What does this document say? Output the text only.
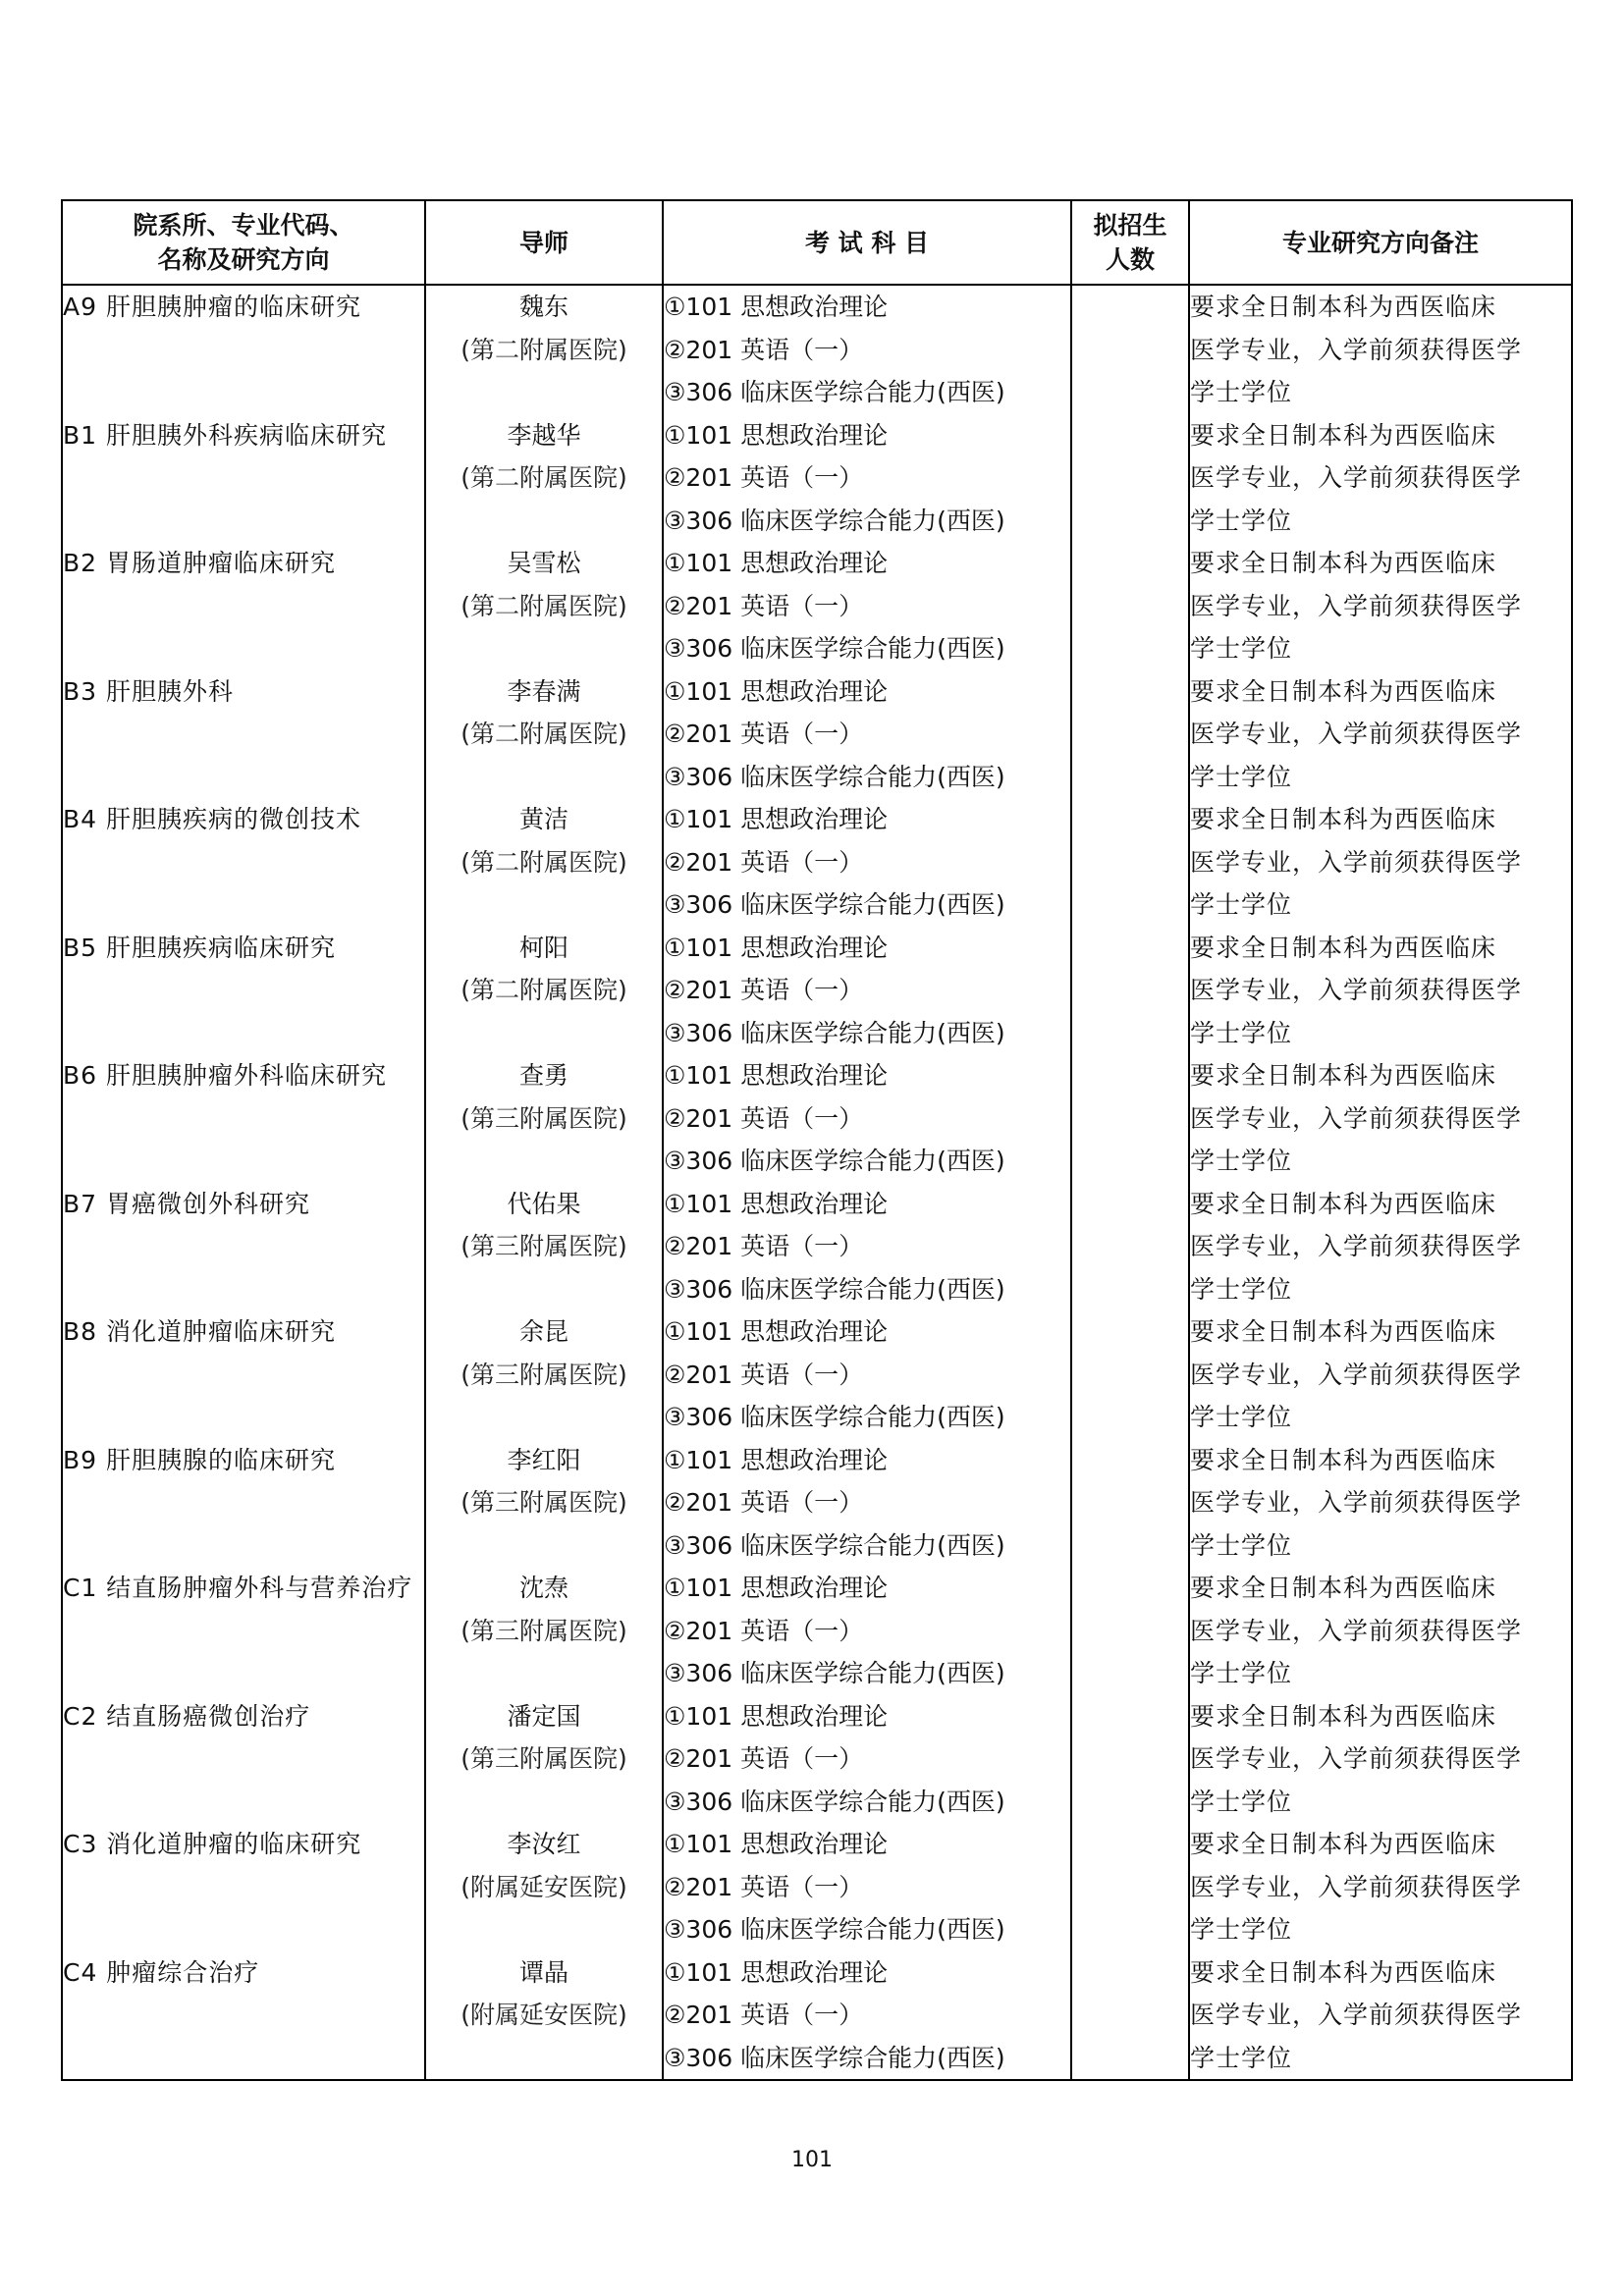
院系所、专业代码、
名称及研究方向	导师	考 试 科 目	拟招生
人数	专业研究方向备注

A9 肝胆胰肿瘤的临床研究	魏东
(第二附属医院)	①101 思想政治理论
②201 英语（一）
③306 临床医学综合能力(西医)		要求全日制本科为西医临床
医学专业，入学前须获得医学
学士学位

B1 肝胆胰外科疾病临床研究	李越华
(第二附属医院)	①101 思想政治理论
②201 英语（一）
③306 临床医学综合能力(西医)		要求全日制本科为西医临床
医学专业，入学前须获得医学
学士学位

B2 胃肠道肿瘤临床研究	吴雪松
(第二附属医院)	①101 思想政治理论
②201 英语（一）
③306 临床医学综合能力(西医)		要求全日制本科为西医临床
医学专业，入学前须获得医学
学士学位

B3 肝胆胰外科	李春满
(第二附属医院)	①101 思想政治理论
②201 英语（一）
③306 临床医学综合能力(西医)		要求全日制本科为西医临床
医学专业，入学前须获得医学
学士学位

B4 肝胆胰疾病的微创技术	黄洁
(第二附属医院)	①101 思想政治理论
②201 英语（一）
③306 临床医学综合能力(西医)		要求全日制本科为西医临床
医学专业，入学前须获得医学
学士学位

B5 肝胆胰疾病临床研究	柯阳
(第二附属医院)	①101 思想政治理论
②201 英语（一）
③306 临床医学综合能力(西医)		要求全日制本科为西医临床
医学专业，入学前须获得医学
学士学位

B6 肝胆胰肿瘤外科临床研究	查勇
(第三附属医院)	①101 思想政治理论
②201 英语（一）
③306 临床医学综合能力(西医)		要求全日制本科为西医临床
医学专业，入学前须获得医学
学士学位

B7 胃癌微创外科研究	代佑果
(第三附属医院)	①101 思想政治理论
②201 英语（一）
③306 临床医学综合能力(西医)		要求全日制本科为西医临床
医学专业，入学前须获得医学
学士学位

B8 消化道肿瘤临床研究	余昆
(第三附属医院)	①101 思想政治理论
②201 英语（一）
③306 临床医学综合能力(西医)		要求全日制本科为西医临床
医学专业，入学前须获得医学
学士学位

B9 肝胆胰腺的临床研究	李红阳
(第三附属医院)	①101 思想政治理论
②201 英语（一）
③306 临床医学综合能力(西医)		要求全日制本科为西医临床
医学专业，入学前须获得医学
学士学位

C1 结直肠肿瘤外科与营养治疗	沈焘
(第三附属医院)	①101 思想政治理论
②201 英语（一）
③306 临床医学综合能力(西医)		要求全日制本科为西医临床
医学专业，入学前须获得医学
学士学位

C2 结直肠癌微创治疗	潘定国
(第三附属医院)	①101 思想政治理论
②201 英语（一）
③306 临床医学综合能力(西医)		要求全日制本科为西医临床
医学专业，入学前须获得医学
学士学位

C3 消化道肿瘤的临床研究	李汝红
(附属延安医院)	①101 思想政治理论
②201 英语（一）
③306 临床医学综合能力(西医)		要求全日制本科为西医临床
医学专业，入学前须获得医学
学士学位

C4 肿瘤综合治疗	谭晶
(附属延安医院)	①101 思想政治理论
②201 英语（一）
③306 临床医学综合能力(西医)		要求全日制本科为西医临床
医学专业，入学前须获得医学
学士学位
101
